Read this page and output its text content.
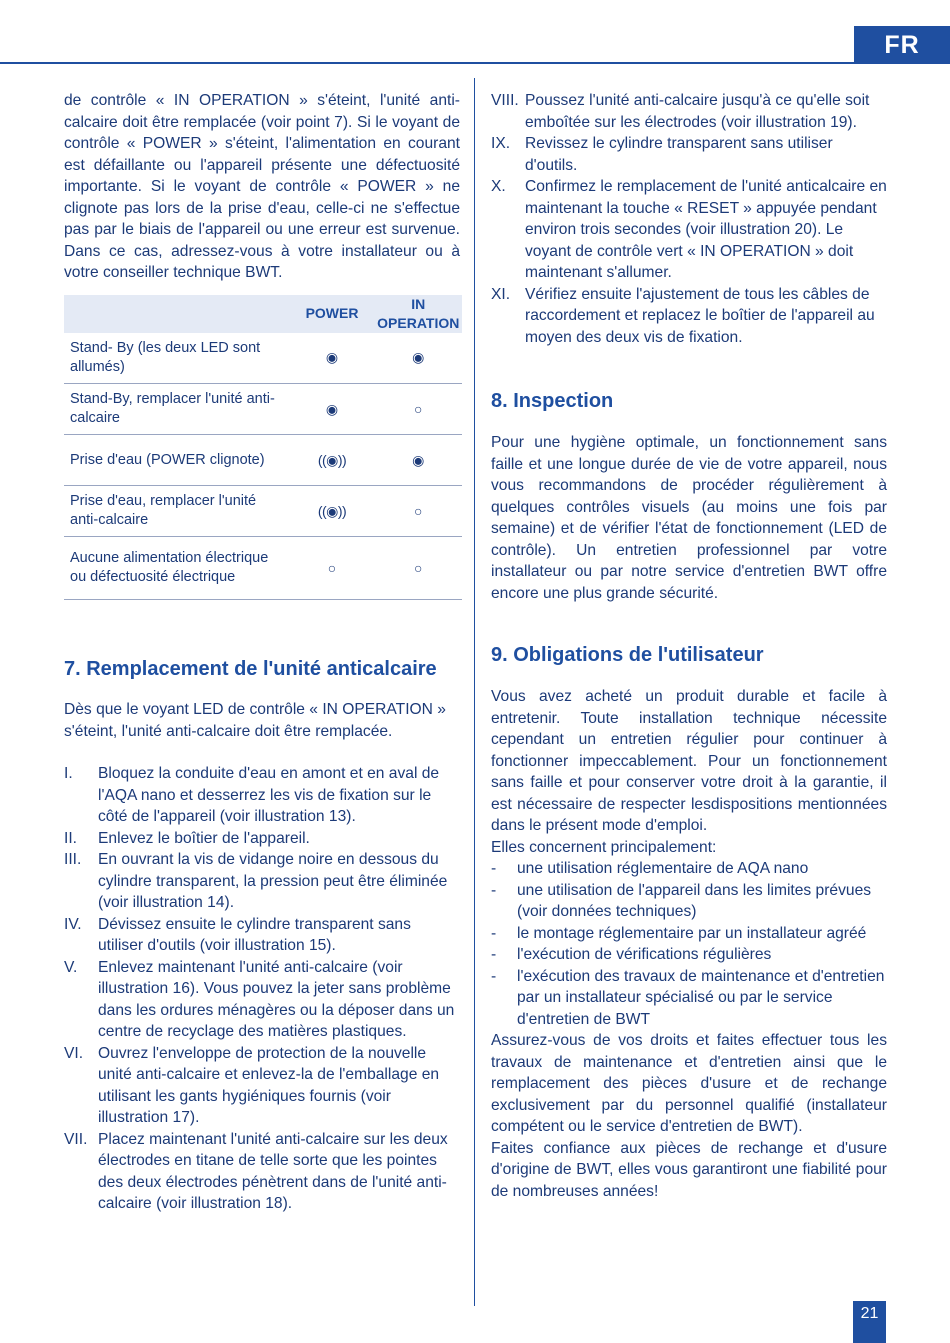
FR

de contrôle « IN OPERATION » s'éteint, l'unité anti-calcaire doit être remplacée (voir point 7). Si le voyant de contrôle « POWER » s'éteint, l'alimentation en courant est défaillante ou l'appareil présente une défectuosité importante. Si le voyant de contrôle « POWER » ne clignote pas lors de la prise d'eau, celle-ci ne s'effectue pas par le biais de l'appareil ou une erreur est survenue. Dans ce cas, adressez-vous à votre installateur ou à votre conseiller technique BWT.

	POWER	IN OPERATION
Stand- By (les deux LED sont allumés)	◉	◉
Stand-By, remplacer l'unité anti-calcaire	◉	○
Prise d'eau (POWER clignote)	((◉))	◉
Prise d'eau, remplacer l'unité anti-calcaire	((◉))	○
Aucune alimentation électrique ou défectuosité électrique	○	○
7. Remplacement de l'unité anticalcaire

Dès que le voyant LED de contrôle « IN OPERATION » s'éteint, l'unité anti-calcaire doit être remplacée.

I.	Bloquez la conduite d'eau en amont et en aval de l'AQA nano et desserrez les vis de fixation sur le côté de l'appareil (voir illustration 13).
II.	Enlevez le boîtier de l'appareil.
III.	En ouvrant la vis de vidange noire en dessous du cylindre transparent, la pression peut être éliminée (voir illustration 14).
IV.	Dévissez ensuite le cylindre transparent sans utiliser d'outils (voir illustration 15).
V.	Enlevez maintenant l'unité anti-calcaire (voir illustration 16). Vous pouvez la jeter sans problème dans les ordures ménagères ou la déposer dans un centre de recyclage des matières plastiques.
VI. Ouvrez l'enveloppe de protection de la nouvelle unité anti-calcaire et enlevez-la de l'emballage en utilisant les gants hygiéniques fournis (voir illustration 17).
VII. Placez maintenant l'unité anti-calcaire sur les deux électrodes en titane de telle sorte que les pointes des deux électrodes pénètrent dans de l'unité anti-calcaire (voir illustration 18).
VIII. Poussez l'unité anti-calcaire jusqu'à ce qu'elle soit emboîtée sur les électrodes (voir illustration 19).
IX. Revissez le cylindre transparent sans utiliser d'outils.
X.	Confirmez le remplacement de l'unité anticalcaire en maintenant la touche « RESET » appuyée pendant environ trois secondes (voir illustration 20). Le voyant de contrôle vert « IN OPERATION » doit maintenant s'allumer.
XI. Vérifiez ensuite l'ajustement de tous les câbles de raccordement et replacez le boîtier de l'appareil au moyen des deux vis de fixation.
8. Inspection

Pour une hygiène optimale, un fonctionnement sans faille et une longue durée de vie de votre appareil, nous vous recommandons de procéder régulièrement à quelques contrôles visuels (au moins une fois par semaine) et de vérifier l'état de fonctionnement (LED de contrôle). Un entretien professionnel par votre installateur ou par notre service d'entretien BWT offre encore une plus grande sécurité.

9. Obligations de l'utilisateur

Vous avez acheté un produit durable et facile à entretenir. Toute installation technique nécessite cependant un entretien régulier pour continuer à fonctionner impeccablement. Pour un fonctionnement sans faille et pour conserver votre droit à la garantie, il est nécessaire de respecter lesdispositions mentionnées dans le présent mode d'emploi.

Elles concernent principalement:

-	une utilisation réglementaire de AQA nano
-	une utilisation de l'appareil dans les limites prévues (voir données techniques)
-	le montage réglementaire par un installateur agréé
-	l'exécution de vérifications régulières
-	l'exécution des travaux de maintenance et d'entretien par un installateur spécialisé ou par le service d'entretien de BWT

Assurez-vous de vos droits et faites effectuer tous les travaux de maintenance et d'entretien ainsi que le remplacement des pièces d'usure et de rechange exclusivement par du personnel qualifié (installateur compétent ou le service d'entretien de BWT).

Faites confiance aux pièces de rechange et d'usure d'origine de BWT, elles vous garantiront une fiabilité pour de nombreuses années!

21
